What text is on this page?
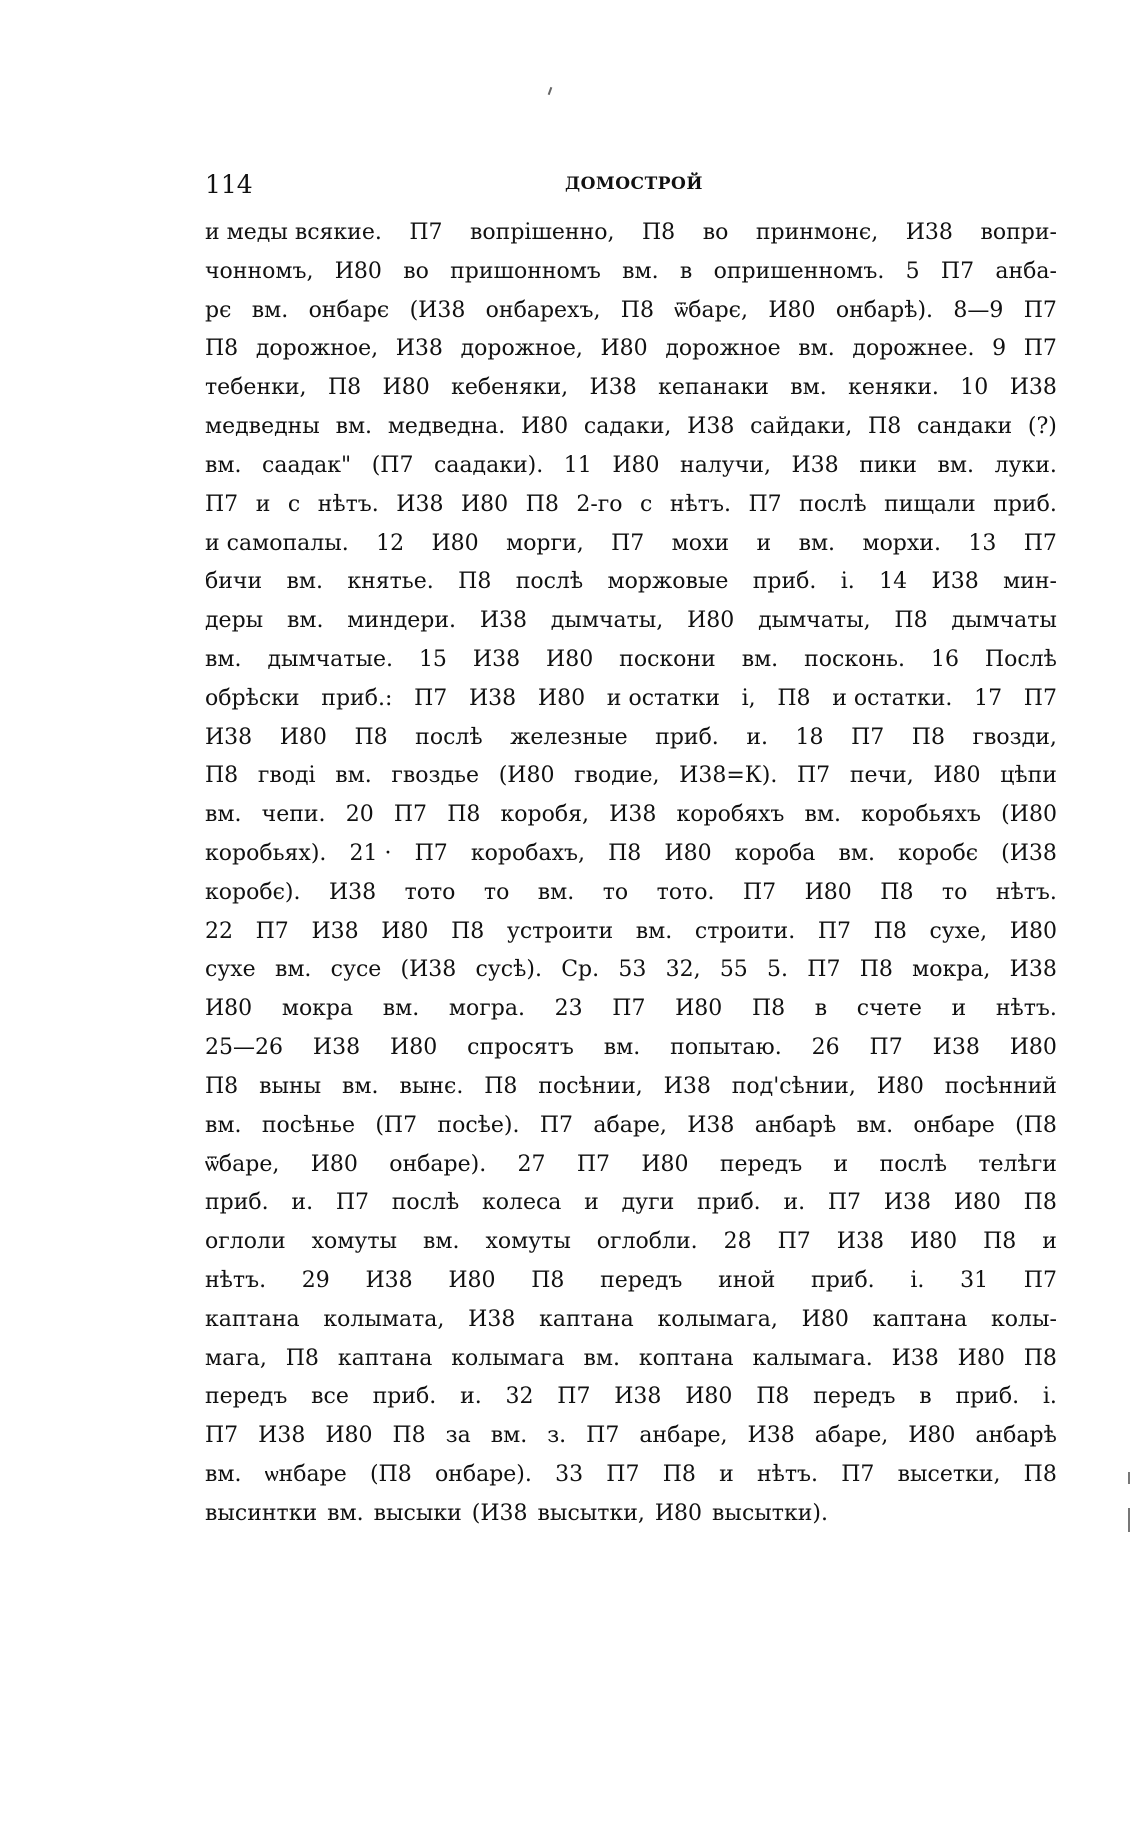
114	ДОМОСТРОЙ
и меды всякие. П7 вопрішенно, П8 во принмонє, И38 вопри-
чонномъ, И80 во пришонномъ вм. в опришенномъ. 5 П7 анба-
рє вм. онбарє (И38 онбарехъ, П8 ѿбарє, И80 онбарѣ). 8—9 П7
П8 дорожное, И38 дорожное, И80 дорожное вм. дорожнее. 9 П7
тебенки, П8 И80 кебеняки, И38 кепанаки вм. кеняки. 10 И38
медведны вм. медведна. И80 садаки, И38 сайдаки, П8 сандаки (?)
вм. саадак" (П7 саадаки). 11 И80 налучи, И38 пики вм. луки.
П7 и с нѣтъ. И38 И80 П8 2-го с нѣтъ. П7 послѣ пищали приб.
и самопалы. 12 И80 морги, П7 мохи и вм. морхи. 13 П7
бичи вм. княтье. П8 послѣ моржовые приб. і. 14 И38 мин-
деры вм. миндери. И38 дымчаты, И80 дымчаты, П8 дымчаты
вм. дымчатые. 15 И38 И80 поскони вм. посконь. 16 Послѣ
обрѣски приб.: П7 И38 И80 и остатки і, П8 и остатки. 17 П7
И38 И80 П8 послѣ железные приб. и. 18 П7 П8 гвозди,
П8 гводі вм. гвоздье (И80 гводие, И38=К). П7 печи, И80 цѣпи
вм. чепи. 20 П7 П8 коробя, И38 коробяхъ вм. коробьяхъ (И80
коробьях). 21 · П7 коробахъ, П8 И80 короба вм. коробє (И38
коробє). И38 тото то вм. то тото. П7 И80 П8 то нѣтъ.
22 П7 И38 И80 П8 устроити вм. строити. П7 П8 сухе, И80
сухе вм. сусе (И38 сусѣ). Ср. 53 32, 55 5. П7 П8 мокра, И38
И80 мокра вм. могра. 23 П7 И80 П8 в счете и нѣтъ.
25—26 И38 И80 спросятъ вм. попытаю. 26 П7 И38 И80
П8 выны вм. вынє. П8 посѣнии, И38 под'сѣнии, И80 посѣнний
вм. посѣнье (П7 посѣе). П7 абаре, И38 анбарѣ вм. онбаре (П8
ѿбаре, И80 онбаре). 27 П7 И80 передъ и послѣ телѣги
приб. и. П7 послѣ колеса и дуги приб. и. П7 И38 И80 П8
оглоли хомуты вм. хомуты оглобли. 28 П7 И38 И80 П8 и
нѣтъ. 29 И38 И80 П8 передъ иной приб. і. 31 П7
каптана колымата, И38 каптана колымага, И80 каптана колы-
мага, П8 каптана колымага вм. коптана калымага. И38 И80 П8
передъ все приб. и. 32 П7 И38 И80 П8 передъ в приб. і.
П7 И38 И80 П8 за вм. з. П7 анбаре, И38 абаре, И80 анбарѣ
вм. ѡнбаре (П8 онбаре). 33 П7 П8 и нѣтъ. П7 высетки, П8
высинтки вм. высыки (И38 высытки, И80 высытки).
